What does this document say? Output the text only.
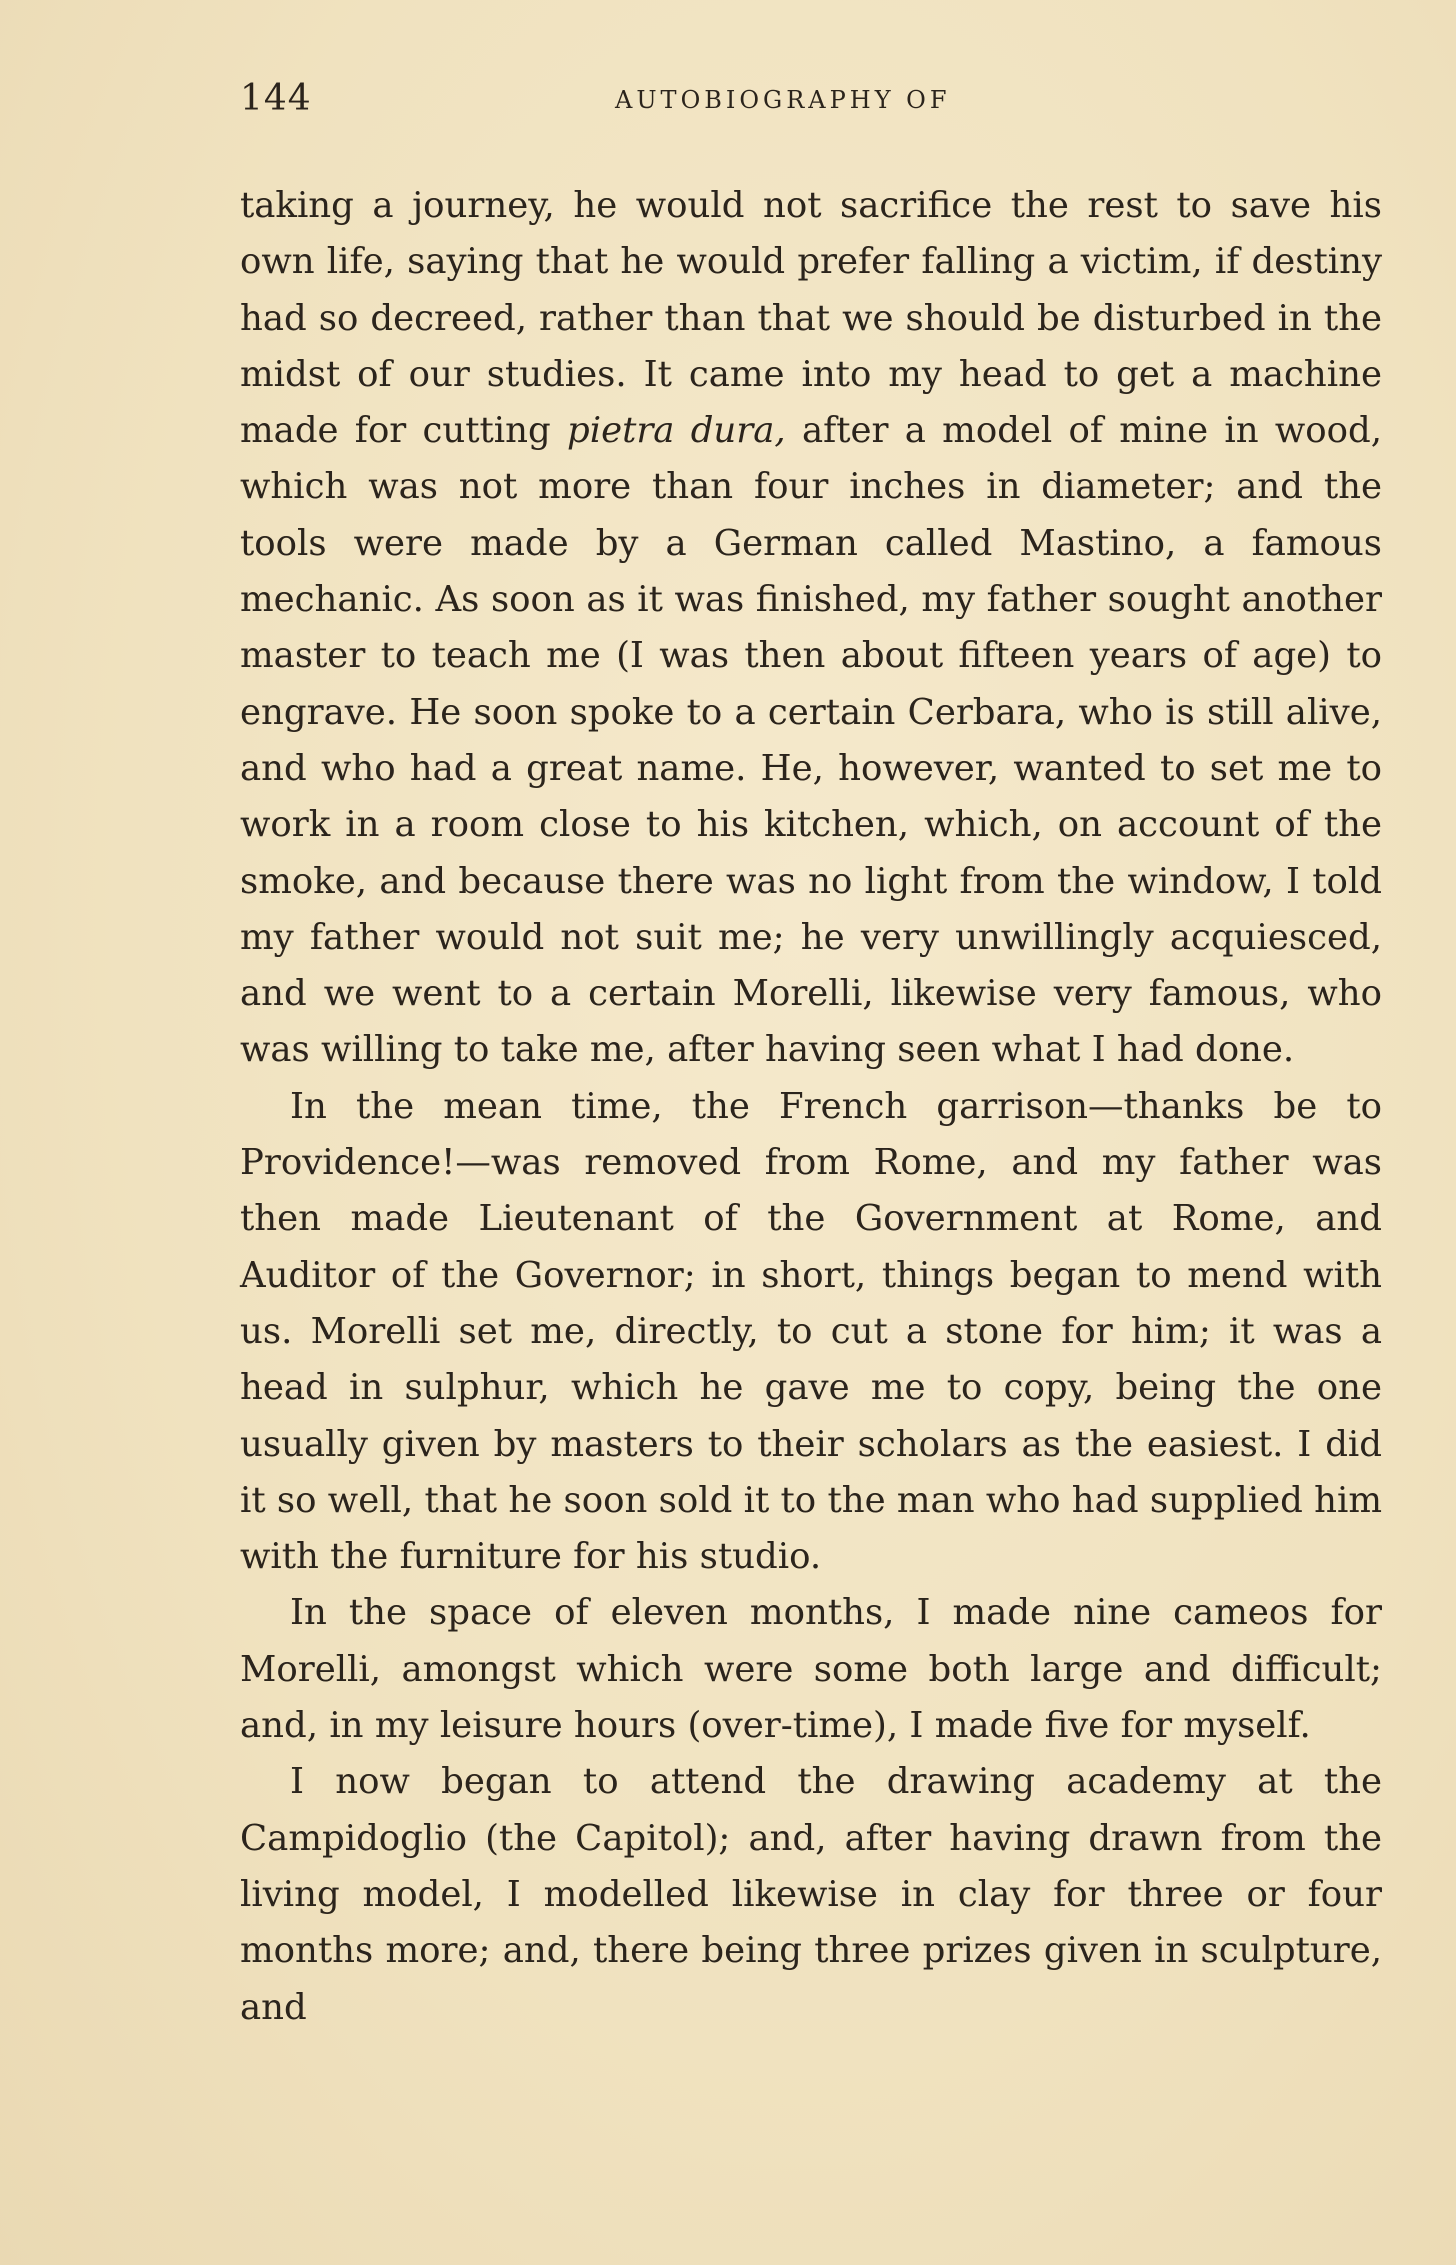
144	AUTOBIOGRAPHY OF

taking a journey, he would not sacrifice the rest to save his own life, saying that he would prefer falling a victim, if destiny had so decreed, rather than that we should be disturbed in the midst of our studies. It came into my head to get a machine made for cutting pietra dura, after a model of mine in wood, which was not more than four inches in diameter; and the tools were made by a German called Mastino, a famous mechanic. As soon as it was finished, my father sought another master to teach me (I was then about fifteen years of age) to engrave. He soon spoke to a certain Cerbara, who is still alive, and who had a great name. He, however, wanted to set me to work in a room close to his kitchen, which, on account of the smoke, and because there was no light from the window, I told my father would not suit me; he very unwillingly acquiesced, and we went to a certain Morelli, likewise very famous, who was willing to take me, after having seen what I had done.

In the mean time, the French garrison—thanks be to Providence!—was removed from Rome, and my father was then made Lieutenant of the Government at Rome, and Auditor of the Governor; in short, things began to mend with us. Morelli set me, directly, to cut a stone for him; it was a head in sulphur, which he gave me to copy, being the one usually given by masters to their scholars as the easiest. I did it so well, that he soon sold it to the man who had supplied him with the furniture for his studio.

In the space of eleven months, I made nine cameos for Morelli, amongst which were some both large and difficult; and, in my leisure hours (over-time), I made five for myself.

I now began to attend the drawing academy at the Campidoglio (the Capitol); and, after having drawn from the living model, I modelled likewise in clay for three or four months more; and, there being three prizes given in sculpture, and
